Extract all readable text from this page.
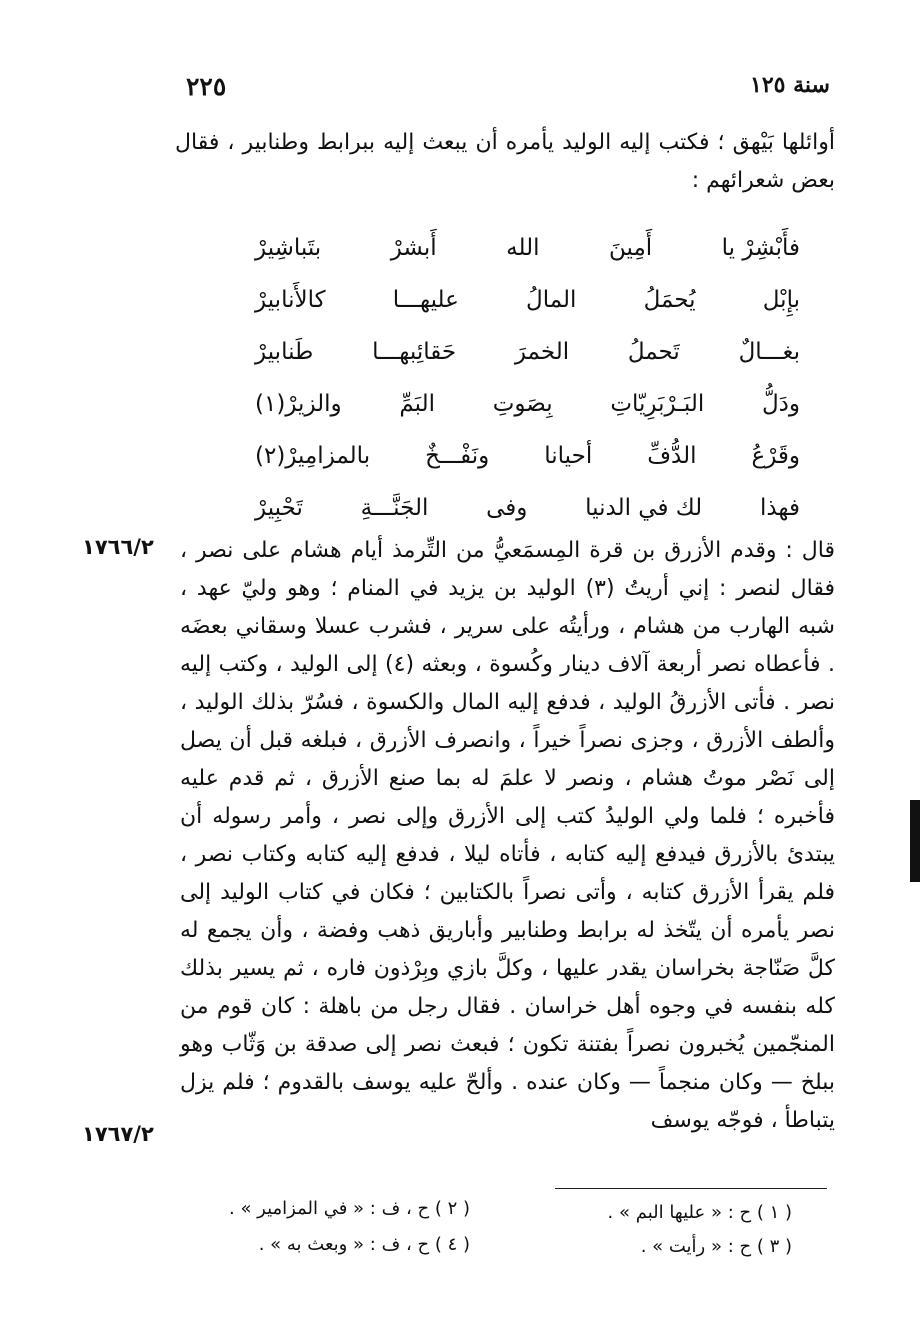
٢٢٥	سنة ١٢٥
أوائلها بَيْهق ؛ فكتب إليه الوليد يأمره أن يبعث إليه ببرابط وطنابير ، فقال بعض شعرائهم :
فأَبْشِرْ يا
أَمِينَ
الله
أَبشرْ
بتَباشِيرْ
بإِبْل
يُحمَلُ
المالُ
عليهـــا
كالأَنابيرْ
بغـــالٌ
تَحملُ
الخمرَ
حَقائِبهـــا
طَنابيرْ
ودَلُّ
البَـرْبَرِيّاتِ
بِصَوتِ
البَمِّ
والزيرْ(١)
وقَرْعُ
الدُّفِّ
أحيانا
ونَفْـــخٌ
بالمزامِيرْ(٢)
فهذا
لك في الدنيا
وفى
الجَنَّـــةِ
تَحْبِيرْ
١٧٦٦/٢
١٧٦٧/٢
قال : وقدم الأزرق بن قرة المِسمَعيُّ من التِّرمذ أيام هشام على نصر ، فقال لنصر : إني أريتُ (٣) الوليد بن يزيد في المنام ؛ وهو وليّ عهد ، شبه الهارب من هشام ، ورأيتُه على سرير ، فشرب عسلا وسقاني بعضَه . فأعطاه نصر أربعة آلاف دينار وكُسوة ، وبعثه (٤) إلى الوليد ، وكتب إليه نصر . فأتى الأزرقُ الوليد ، فدفع إليه المال والكسوة ، فسُرّ بذلك الوليد ، وألطف الأزرق ، وجزى نصراً خيراً ، وانصرف الأزرق ، فبلغه قبل أن يصل إلى نَصْر موتُ هشام ، ونصر لا علمَ له بما صنع الأزرق ، ثم قدم عليه فأخبره ؛ فلما ولي الوليدُ كتب إلى الأزرق وإلى نصر ، وأمر رسوله أن يبتدئ بالأزرق فيدفع إليه كتابه ، فأتاه ليلا ، فدفع إليه كتابه وكتاب نصر ، فلم يقرأ الأزرق كتابه ، وأتى نصراً بالكتابين ؛ فكان في كتاب الوليد إلى نصر يأمره أن يتّخذ له برابط وطنابير وأباريق ذهب وفضة ، وأن يجمع له كلَّ صَنّاجة بخراسان يقدر عليها ، وكلَّ بازي وبِرْذون فاره ، ثم يسير بذلك كله بنفسه في وجوه أهل خراسان . فقال رجل من باهلة : كان قوم من المنجّمين يُخبرون نصراً بفتنة تكون ؛ فبعث نصر إلى صدقة بن وَثّاب وهو ببلخ — وكان منجماً — وكان عنده . وألحّ عليه يوسف بالقدوم ؛ فلم يزل يتباطأ ، فوجّه يوسف
( ١ ) ح : « عليها البم » .
( ٢ ) ح ، ف : « في المزامير » .
( ٣ ) ح : « رأيت » .
( ٤ ) ح ، ف : « وبعث به » .
